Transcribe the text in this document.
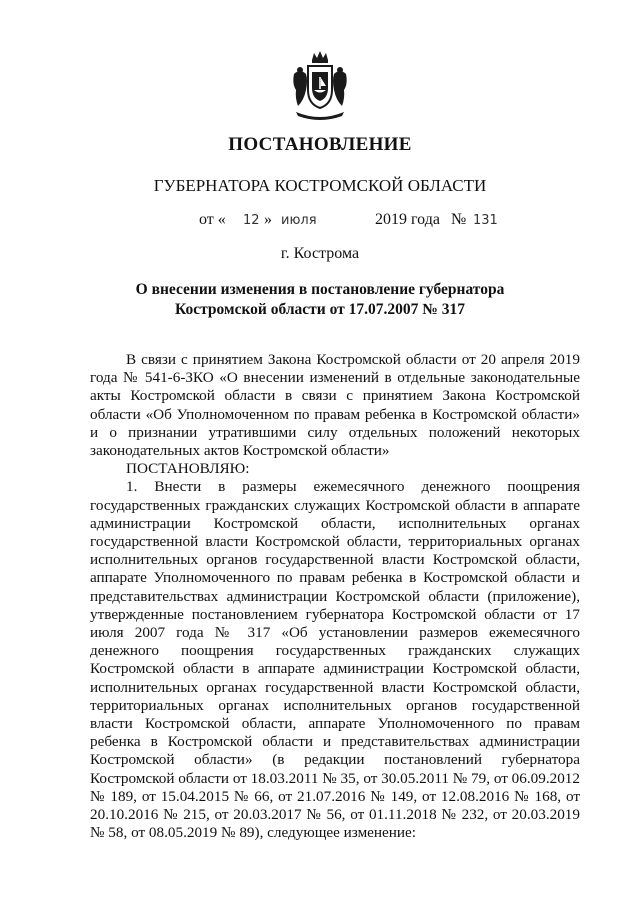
ПОСТАНОВЛЕНИЕ
ГУБЕРНАТОРА КОСТРОМСКОЙ ОБЛАСТИ
от « 12 » июля	2019 года № 131
г. Кострома
О внесении изменения в постановление губернатора
Костромской области от 17.07.2007 № 317

В связи с принятием Закона Костромской области от 20 апреля 2019 года № 541-6-ЗКО «О внесении изменений в отдельные законодательные акты Костромской области в связи с принятием Закона Костромской области «Об Уполномоченном по правам ребенка в Костромской области» и о признании утратившими силу отдельных положений некоторых законодательных актов Костромской области»

ПОСТАНОВЛЯЮ:

1. Внести в размеры ежемесячного денежного поощрения государственных гражданских служащих Костромской области в аппарате администрации Костромской области, исполнительных органах государственной власти Костромской области, территориальных органах исполнительных органов государственной власти Костромской области, аппарате Уполномоченного по правам ребенка в Костромской области и представительствах администрации Костромской области (приложение), утвержденные постановлением губернатора Костромской области от 17 июля 2007 года № 317 «Об установлении размеров ежемесячного денежного поощрения государственных гражданских служащих Костромской области в аппарате администрации Костромской области, исполнительных органах государственной власти Костромской области, территориальных органах исполнительных органов государственной власти Костромской области, аппарате Уполномоченного по правам ребенка в Костромской области и представительствах администрации Костромской области» (в редакции постановлений губернатора Костромской области от 18.03.2011 № 35, от 30.05.2011 № 79, от 06.09.2012 № 189, от 15.04.2015 № 66, от 21.07.2016 № 149, от 12.08.2016 № 168, от 20.10.2016 № 215, от 20.03.2017 № 56, от 01.11.2018 № 232, от 20.03.2019 № 58, от 08.05.2019 № 89), следующее изменение:
